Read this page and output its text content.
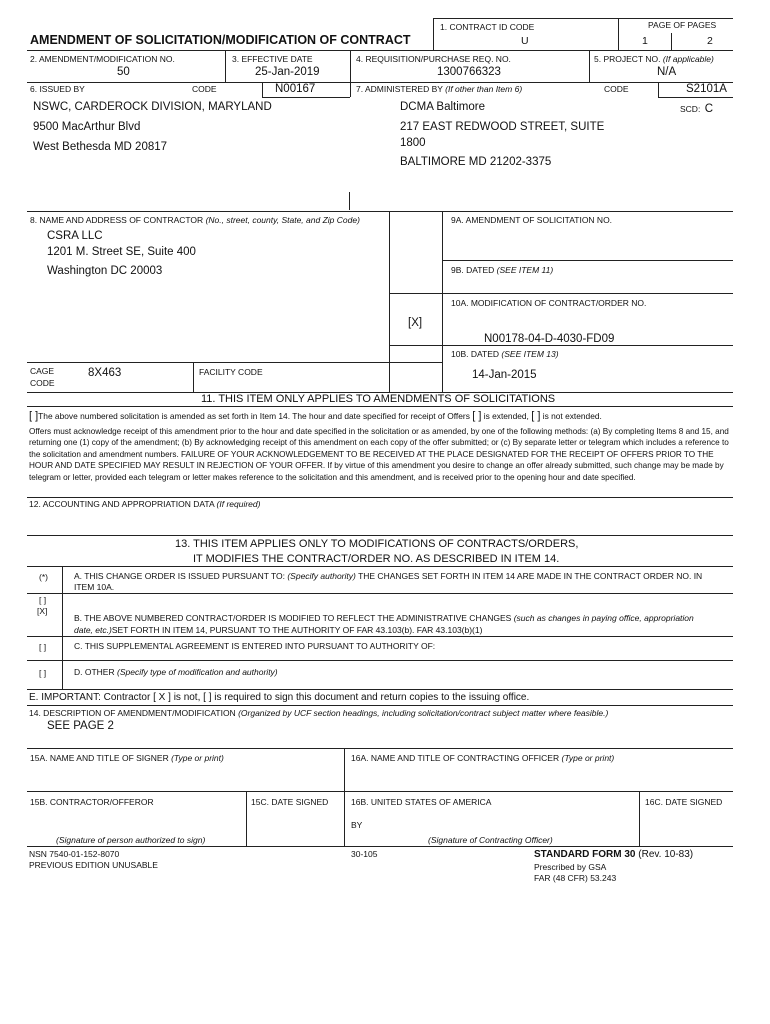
AMENDMENT OF SOLICITATION/MODIFICATION OF CONTRACT
1. CONTRACT ID CODE
U
PAGE OF PAGES
1	2
2. AMENDMENT/MODIFICATION NO.
50
3. EFFECTIVE DATE
25-Jan-2019
4. REQUISITION/PURCHASE REQ. NO.
1300766323
5. PROJECT NO. (If applicable)
N/A
6. ISSUED BY	CODE	N00167	7. ADMINISTERED BY (If other than Item 6)	CODE	S2101A
SCD: C
NSWC, CARDEROCK DIVISION, MARYLAND
9500 MacArthur Blvd
West Bethesda MD 20817
DCMA Baltimore
217 EAST REDWOOD STREET, SUITE
1800
BALTIMORE MD 21202-3375
8. NAME AND ADDRESS OF CONTRACTOR (No., street, county, State, and Zip Code)
CSRA LLC
1201 M. Street SE, Suite 400
Washington DC 20003
9A. AMENDMENT OF SOLICITATION NO.
9B. DATED (SEE ITEM 11)
10A. MODIFICATION OF CONTRACT/ORDER NO.
[X]
N00178-04-D-4030-FD09
10B. DATED (SEE ITEM 13)
14-Jan-2015
CAGE
CODE
8X463	FACILITY CODE
11. THIS ITEM ONLY APPLIES TO AMENDMENTS OF SOLICITATIONS
[ ]The above numbered solicitation is amended as set forth in Item 14. The hour and date specified for receipt of Offers [ ] is extended, [ ] is not extended.
Offers must acknowledge receipt of this amendment prior to the hour and date specified in the solicitation or as amended, by one of the following methods: (a) By completing Items 8 and 15, and returning one (1) copy of the amendment; (b) By acknowledging receipt of this amendment on each copy of the offer submitted; or (c) By separate letter or telegram which includes a reference to the solicitation and amendment numbers. FAILURE OF YOUR ACKNOWLEDGEMENT TO BE RECEIVED AT THE PLACE DESIGNATED FOR THE RECEIPT OF OFFERS PRIOR TO THE HOUR AND DATE SPECIFIED MAY RESULT IN REJECTION OF YOUR OFFER. If by virtue of this amendment you desire to change an offer already submitted, such change may be made by telegram or letter, provided each telegram or letter makes reference to the solicitation and this amendment, and is received prior to the opening hour and date specified.
12. ACCOUNTING AND APPROPRIATION DATA (If required)
13. THIS ITEM APPLIES ONLY TO MODIFICATIONS OF CONTRACTS/ORDERS,
IT MODIFIES THE CONTRACT/ORDER NO. AS DESCRIBED IN ITEM 14.
(*)	A. THIS CHANGE ORDER IS ISSUED PURSUANT TO: (Specify authority) THE CHANGES SET FORTH IN ITEM 14 ARE MADE IN THE CONTRACT ORDER NO. IN
ITEM 10A.
[ ]
[X]
B. THE ABOVE NUMBERED CONTRACT/ORDER IS MODIFIED TO REFLECT THE ADMINISTRATIVE CHANGES (such as changes in paying office, appropriation
date, etc.)SET FORTH IN ITEM 14, PURSUANT TO THE AUTHORITY OF FAR 43.103(b). FAR 43.103(b)(1)
[ ]	C. THIS SUPPLEMENTAL AGREEMENT IS ENTERED INTO PURSUANT TO AUTHORITY OF:
[ ]	D. OTHER (Specify type of modification and authority)
E. IMPORTANT: Contractor [ X ] is not, [ ] is required to sign this document and return copies to the issuing office.
14. DESCRIPTION OF AMENDMENT/MODIFICATION (Organized by UCF section headings, including solicitation/contract subject matter where feasible.)
SEE PAGE 2
15A. NAME AND TITLE OF SIGNER (Type or print)	16A. NAME AND TITLE OF CONTRACTING OFFICER (Type or print)
15B. CONTRACTOR/OFFEROR	15C. DATE SIGNED	16B. UNITED STATES OF AMERICA	16C. DATE SIGNED
BY
(Signature of person authorized to sign)	(Signature of Contracting Officer)
NSN 7540-01-152-8070
PREVIOUS EDITION UNUSABLE
30-105	STANDARD FORM 30 (Rev. 10-83)
Prescribed by GSA
FAR (48 CFR) 53.243
